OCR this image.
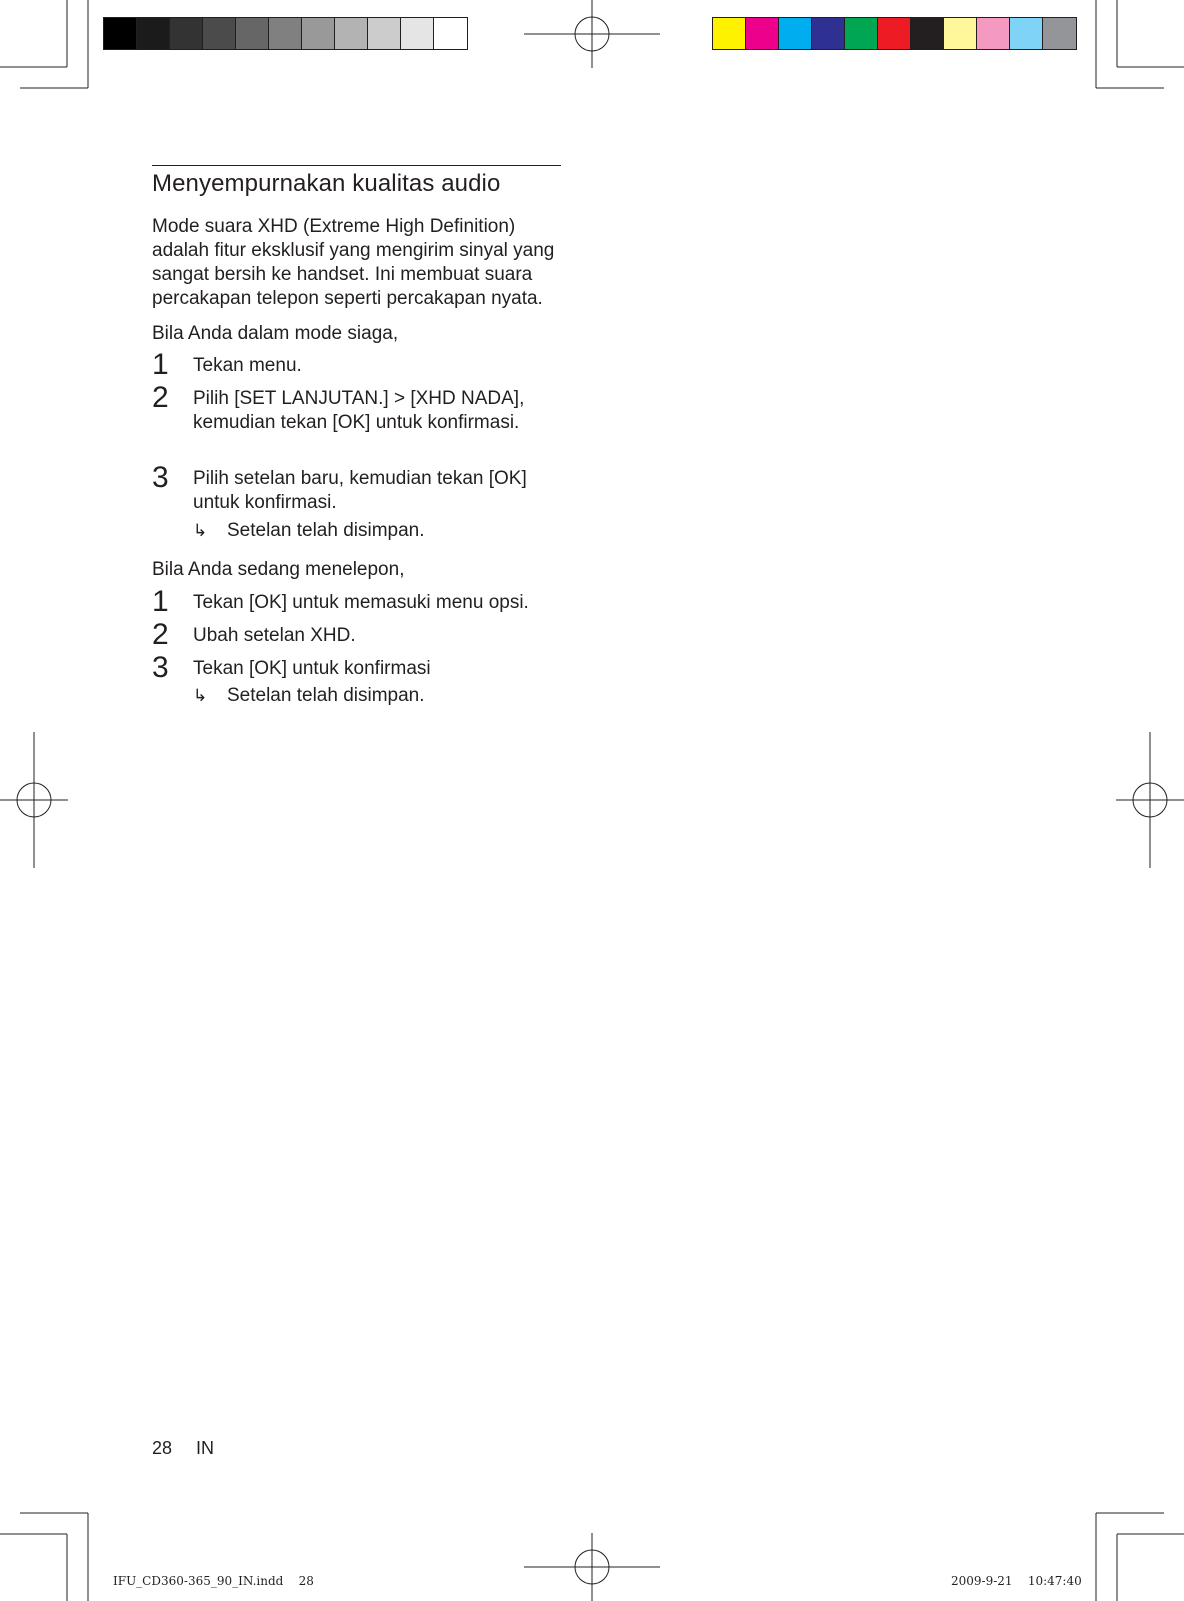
Menyempurnakan kualitas audio
Mode suara XHD (Extreme High Definition) adalah fitur eksklusif yang mengirim sinyal yang sangat bersih ke handset. Ini membuat suara percakapan telepon seperti percakapan nyata.
Bila Anda dalam mode siaga,
1 Tekan menu.
2 Pilih [SET LANJUTAN.] > [XHD NADA], kemudian tekan [OK] untuk konfirmasi.
3 Pilih setelan baru, kemudian tekan [OK] untuk konfirmasi.
↳ Setelan telah disimpan.
Bila Anda sedang menelepon,
1 Tekan [OK] untuk memasuki menu opsi.
2 Ubah setelan XHD.
3 Tekan [OK] untuk konfirmasi
↳ Setelan telah disimpan.
28 IN
IFU_CD360-365_90_IN.indd 28	2009-9-21 10:47:40
